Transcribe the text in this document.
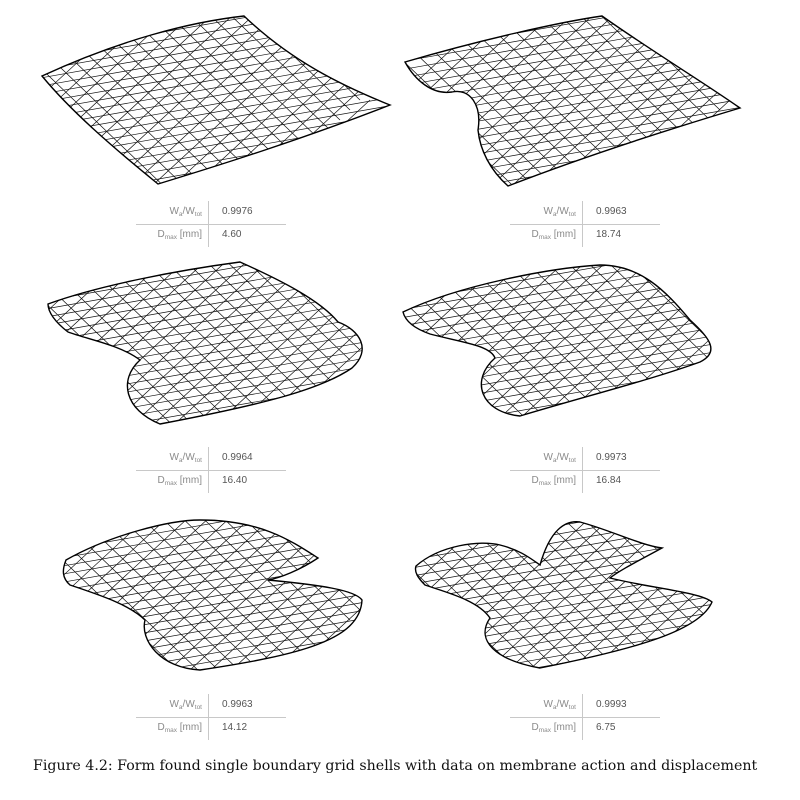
$W_a/W_{tot}$ 0.9976
$D_{max}$ [mm] 4.60
$W_a/W_{tot}$ 0.9963
$D_{max}$ [mm] 18.74
$W_a/W_{tot}$ 0.9964
$D_{max}$ [mm] 16.40
$W_a/W_{tot}$ 0.9973
$D_{max}$ [mm] 16.84
$W_a/W_{tot}$ 0.9963
$D_{max}$ [mm] 14.12
$W_a/W_{tot}$ 0.9993
$D_{max}$ [mm] 6.75
Figure 4.2: Form found single boundary grid shells with data on membrane action and displacement
